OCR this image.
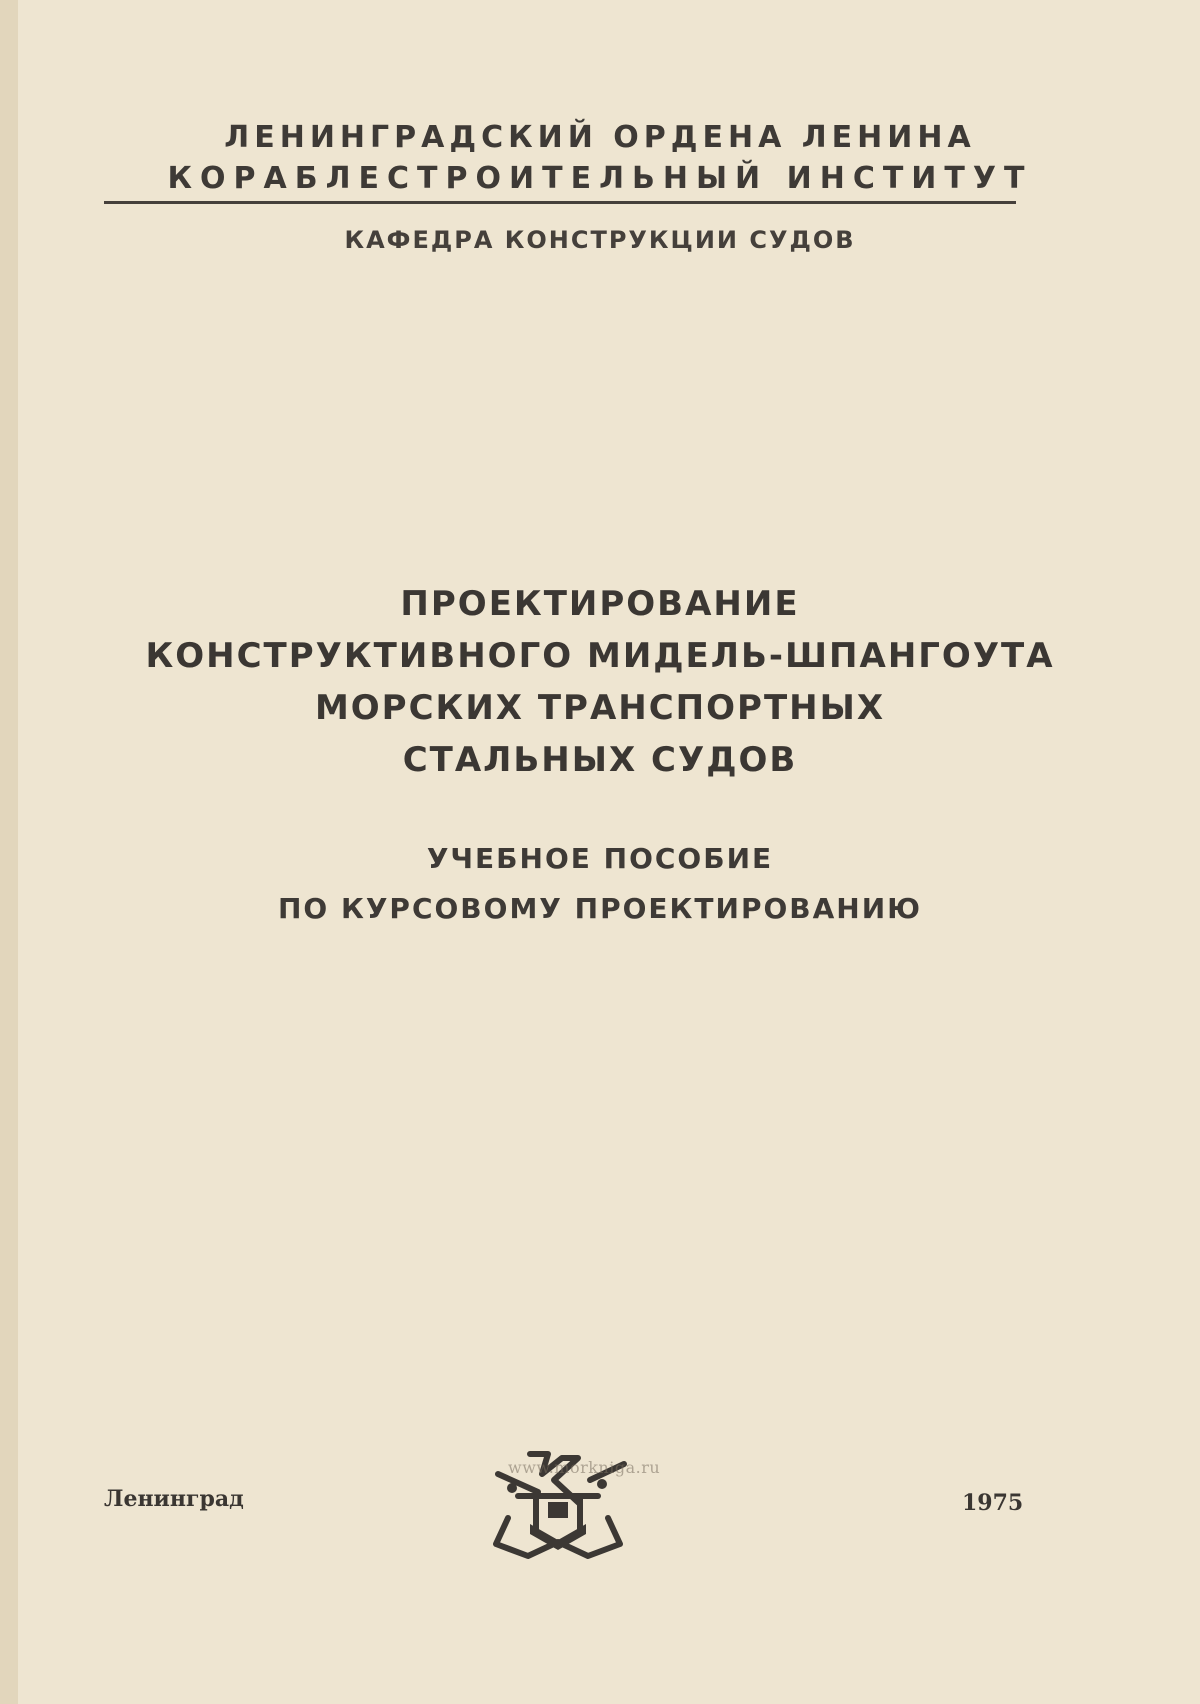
ЛЕНИНГРАДСКИЙ ОРДЕНА ЛЕНИНА
КОРАБЛЕСТРОИТЕЛЬНЫЙ ИНСТИТУТ
КАФЕДРА КОНСТРУКЦИИ СУДОВ
ПРОЕКТИРОВАНИЕ
КОНСТРУКТИВНОГО МИДЕЛЬ-ШПАНГОУТА
МОРСКИХ ТРАНСПОРТНЫХ
СТАЛЬНЫХ СУДОВ
УЧЕБНОЕ ПОСОБИЕ
ПО КУРСОВОМУ ПРОЕКТИРОВАНИЮ
Ленинград
www.morkniga.ru
1975
